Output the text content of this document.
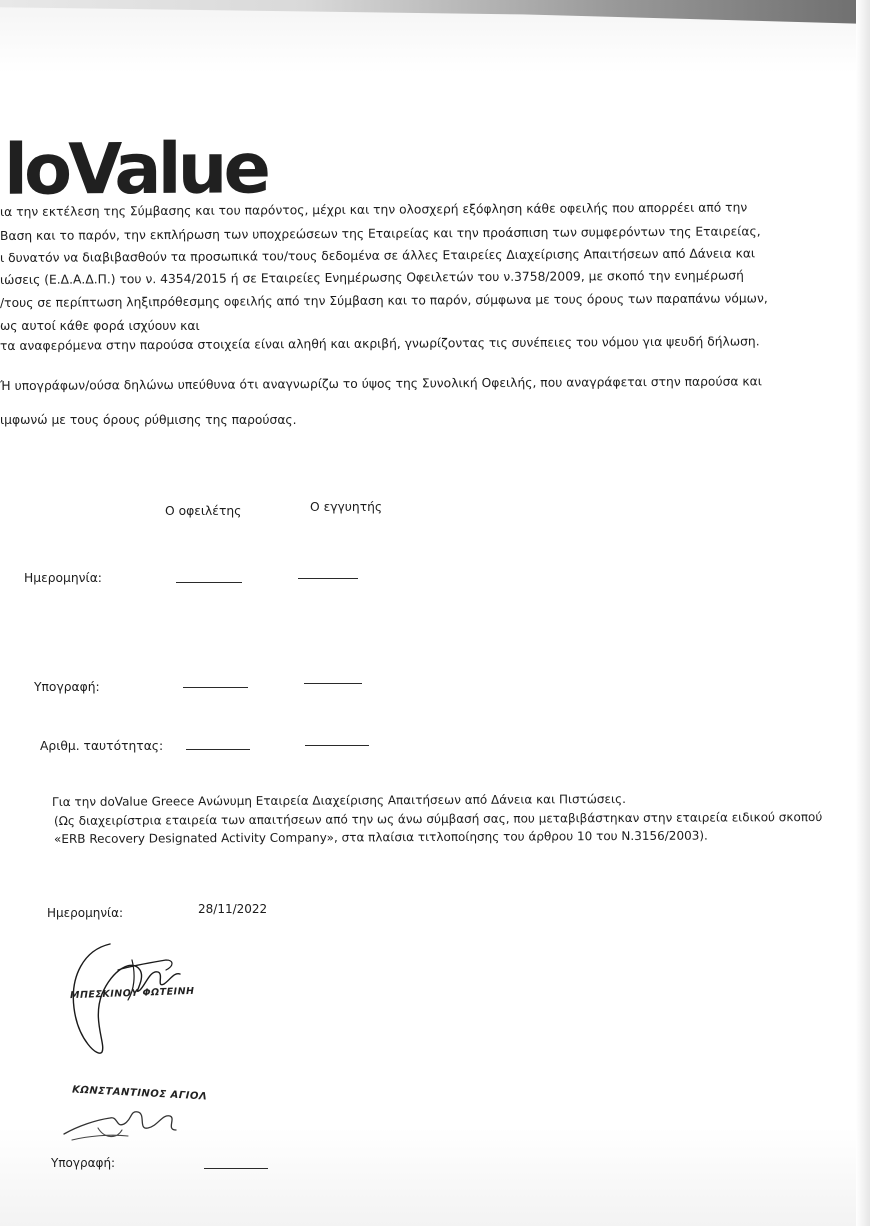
loValue

ια την εκτέλεση της Σύμβασης και του παρόντος, μέχρι και την ολοσχερή εξόφληση κάθε οφειλής που απορρέει από την

Βαση και το παρόν, την εκπλήρωση των υποχρεώσεων της Εταιρείας και την προάσπιση των συμφερόντων της Εταιρείας,

ι δυνατόν να διαβιβασθούν τα προσωπικά του/τους δεδομένα σε άλλες Εταιρείες Διαχείρισης Απαιτήσεων από Δάνεια και

ιώσεις (Ε.Δ.Α.Δ.Π.) του ν. 4354/2015 ή σε Εταιρείες Ενημέρωσης Οφειλετών του ν.3758/2009, με σκοπό την ενημέρωσή

/τους σε περίπτωση ληξιπρόθεσμης οφειλής από την Σύμβαση και το παρόν, σύμφωνα με τους όρους των παραπάνω νόμων,

ως αυτοί κάθε φορά ισχύουν και

τα αναφερόμενα στην παρούσα στοιχεία είναι αληθή και ακριβή, γνωρίζοντας τις συνέπειες του νόμου για ψευδή δήλωση.

Ή υπογράφων/ούσα δηλώνω υπεύθυνα ότι αναγνωρίζω το ύψος της Συνολική Οφειλής, που αναγράφεται στην παρούσα και

ιμφωνώ με τους όρους ρύθμισης της παρούσας.

Ο οφειλέτης	Ο εγγυητής

Ημερομηνία:

Υπογραφή:

Αριθμ. ταυτότητας:

Για την doValue Greece Ανώνυμη Εταιρεία Διαχείρισης Απαιτήσεων από Δάνεια και Πιστώσεις.

(Ως διαχειρίστρια εταιρεία των απαιτήσεων από την ως άνω σύμβασή σας, που μεταβιβάστηκαν στην εταιρεία ειδικού σκοπού

«ERB Recovery Designated Activity Company», στα πλαίσια τιτλοποίησης του άρθρου 10 του Ν.3156/2003).

Ημερομηνία:	28/11/2022

ΜΠΕΣΚΙΝΟΥ ΦΩΤΕΙΝΗ
ΚΩΝΣΤΑΝΤΙΝΟΣ ΑΓΙΟΛ

Υπογραφή:
